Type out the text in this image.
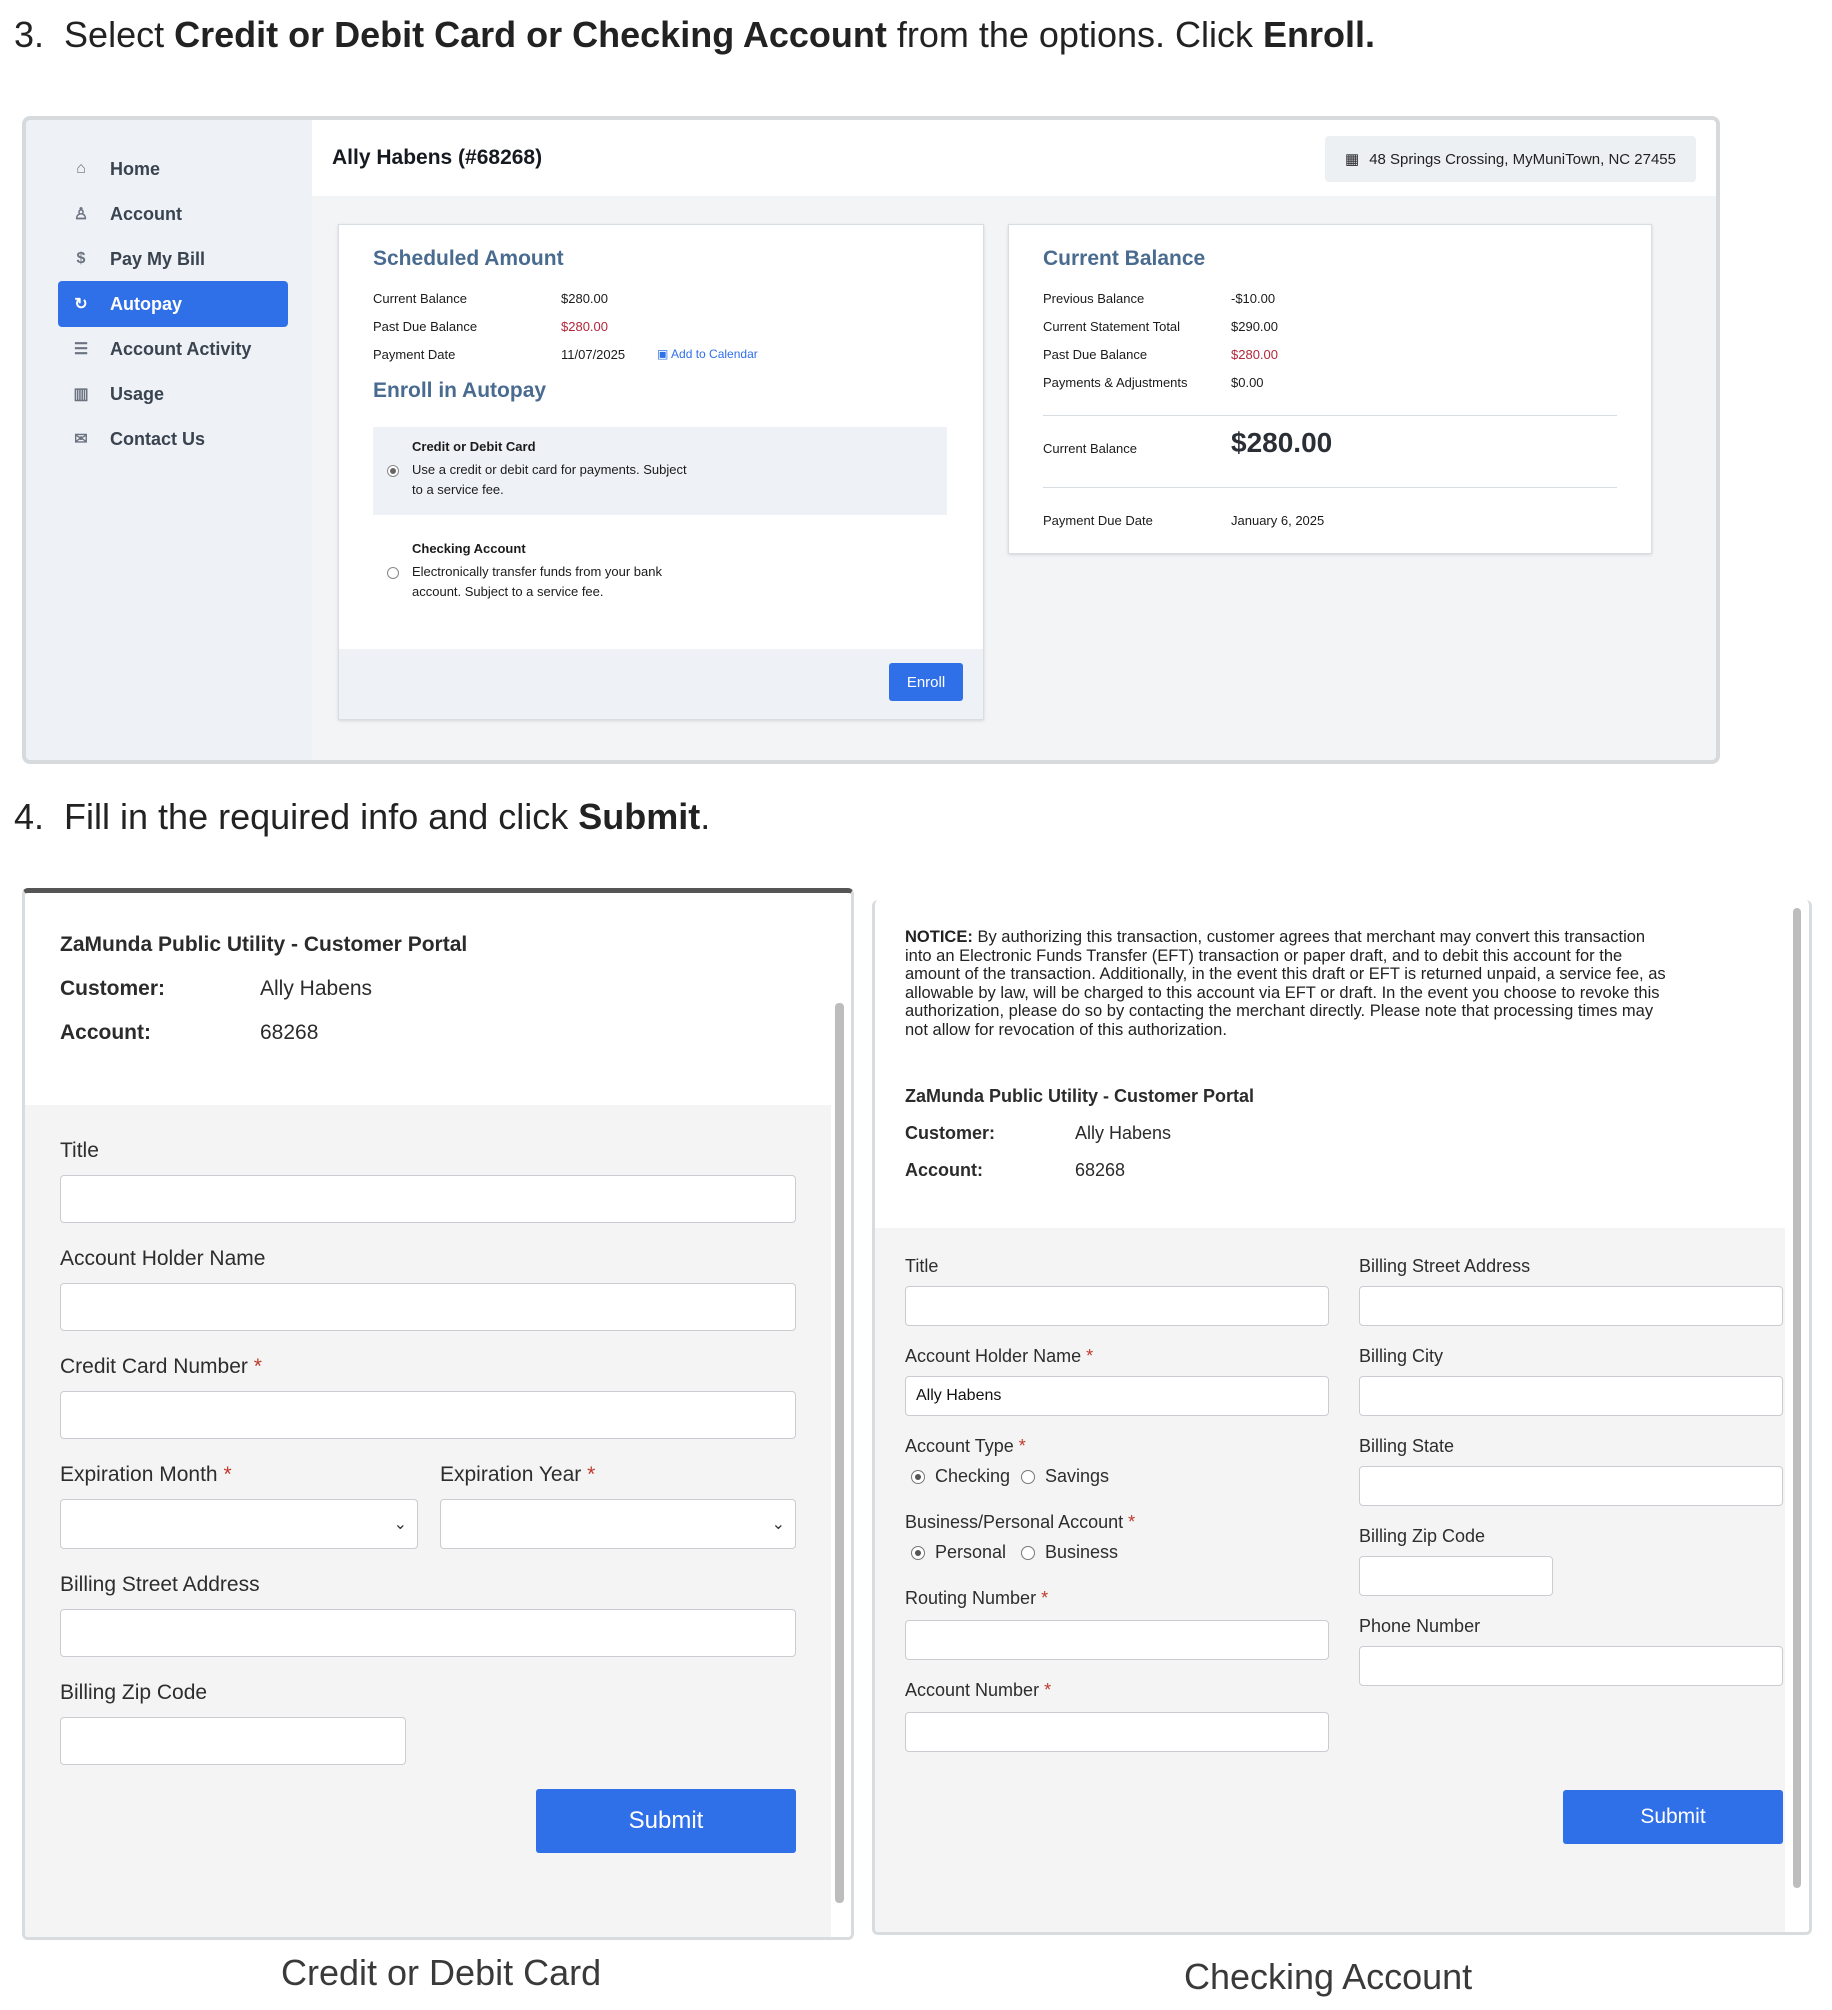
3. Select Credit or Debit Card or Checking Account from the options. Click Enroll.
⌂	Home
♙	Account
$	Pay My Bill
↻	Autopay
☰	Account Activity
▥	Usage
✉	Contact Us
Ally Habens (#68268)	▦ 48 Springs Crossing, MyMuniTown, NC 27455
Scheduled Amount
Current Balance	$280.00
Past Due Balance	$280.00
Payment Date	11/07/2025	▣ Add to Calendar
Enroll in Autopay
Credit or Debit Card
Use a credit or debit card for payments. Subject
to a service fee.
Checking Account
Electronically transfer funds from your bank
account. Subject to a service fee.
Enroll
Current Balance
Previous Balance	-$10.00
Current Statement Total	$290.00
Past Due Balance	$280.00
Payments & Adjustments	$0.00
Current Balance	$280.00
Payment Due Date	January 6, 2025
4. Fill in the required info and click Submit.
ZaMunda Public Utility - Customer Portal
Customer:	Ally Habens
Account:	68268
Title
Account Holder Name
Credit Card Number *
Expiration Month *
⌄
Expiration Year *
⌄
Billing Street Address
Billing Zip Code
Submit
Credit or Debit Card
NOTICE: By authorizing this transaction, customer agrees that merchant may convert this transaction
into an Electronic Funds Transfer (EFT) transaction or paper draft, and to debit this account for the
amount of the transaction. Additionally, in the event this draft or EFT is returned unpaid, a service fee, as
allowable by law, will be charged to this account via EFT or draft. In the event you choose to revoke this
authorization, please do so by contacting the merchant directly. Please note that processing times may
not allow for revocation of this authorization.
ZaMunda Public Utility - Customer Portal
Customer:	Ally Habens
Account:	68268
Title
Account Holder Name *
Ally Habens
Account Type *
Checking Savings
Business/Personal Account *
Personal Business
Routing Number *
Account Number *
Billing Street Address
Billing City
Billing State
Billing Zip Code
Phone Number
Submit
Checking Account
